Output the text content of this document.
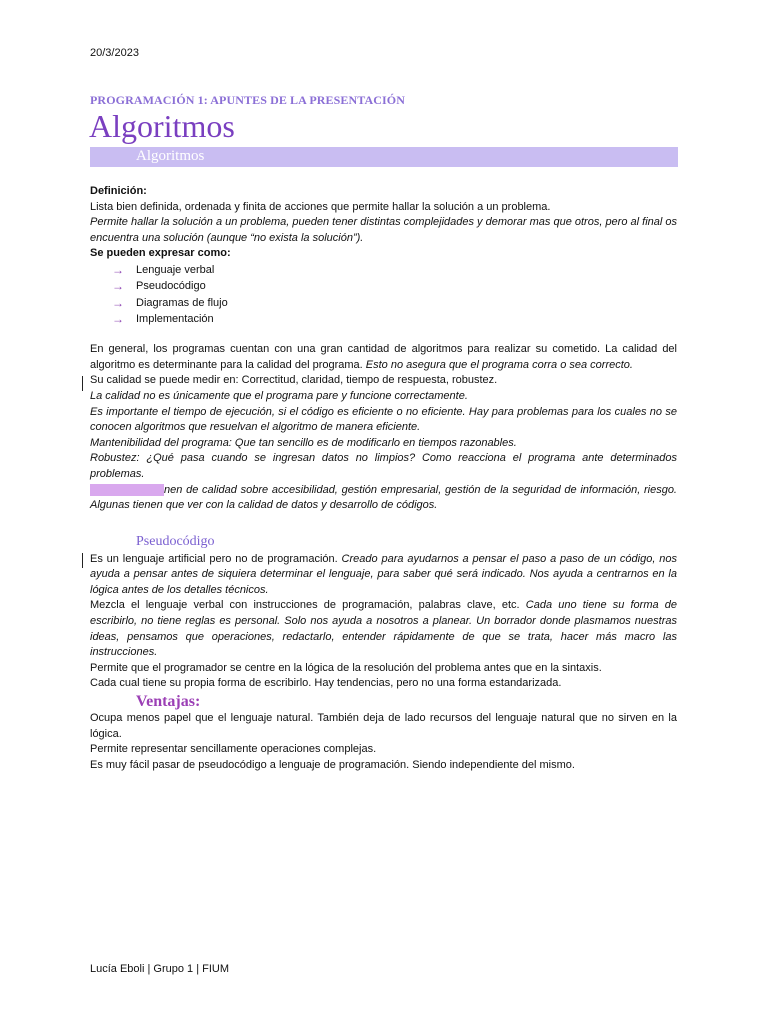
20/3/2023
PROGRAMACIÓN 1: APUNTES DE LA PRESENTACIÓN
Algoritmos
Algoritmos

Definición:

Lista bien definida, ordenada y finita de acciones que permite hallar la solución a un problema.

Permite hallar la solución a un problema, pueden tener distintas complejidades y demorar mas que otros, pero al final os encuentra una solución (aunque “no exista la solución”).

Se pueden expresar como:

→ Lenguaje verbal
→ Pseudocódigo
→ Diagramas de flujo
→ Implementación

En general, los programas cuentan con una gran cantidad de algoritmos para realizar su cometido. La calidad del algoritmo es determinante para la calidad del programa. Esto no asegura que el programa corra o sea correcto.

Su calidad se puede medir en: Correctitud, claridad, tiempo de respuesta, robustez.

La calidad no es únicamente que el programa pare y funcione correctamente.

Es importante el tiempo de ejecución, si el código es eficiente o no eficiente. Hay para problemas para los cuales no se conocen algoritmos que resuelvan el algoritmo de manera eficiente.

Mantenibilidad del programa: Que tan sencillo es de modificarlo en tiempos razonables.

Robustez: ¿Qué pasa cuando se ingresan datos no limpios? Como reacciona el programa ante determinados problemas.

Hay exámenesnen de calidad sobre accesibilidad, gestión empresarial, gestión de la seguridad de información, riesgo. Algunas tienen que ver con la calidad de datos y desarrollo de códigos.

Pseudocódigo

Es un lenguaje artificial pero no de programación. Creado para ayudarnos a pensar el paso a paso de un código, nos ayuda a pensar antes de siquiera determinar el lenguaje, para saber qué será indicado. Nos ayuda a centrarnos en la lógica antes de los detalles técnicos.

Mezcla el lenguaje verbal con instrucciones de programación, palabras clave, etc. Cada uno tiene su forma de escribirlo, no tiene reglas es personal. Solo nos ayuda a nosotros a planear. Un borrador donde plasmamos nuestras ideas, pensamos que operaciones, redactarlo, entender rápidamente de que se trata, hacer más macro las instrucciones.

Permite que el programador se centre en la lógica de la resolución del problema antes que en la sintaxis.

Cada cual tiene su propia forma de escribirlo. Hay tendencias, pero no una forma estandarizada.

Ventajas:

Ocupa menos papel que el lenguaje natural. También deja de lado recursos del lenguaje natural que no sirven en la lógica.

Permite representar sencillamente operaciones complejas.

Es muy fácil pasar de pseudocódigo a lenguaje de programación. Siendo independiente del mismo.

Lucía Eboli | Grupo 1 | FIUM
